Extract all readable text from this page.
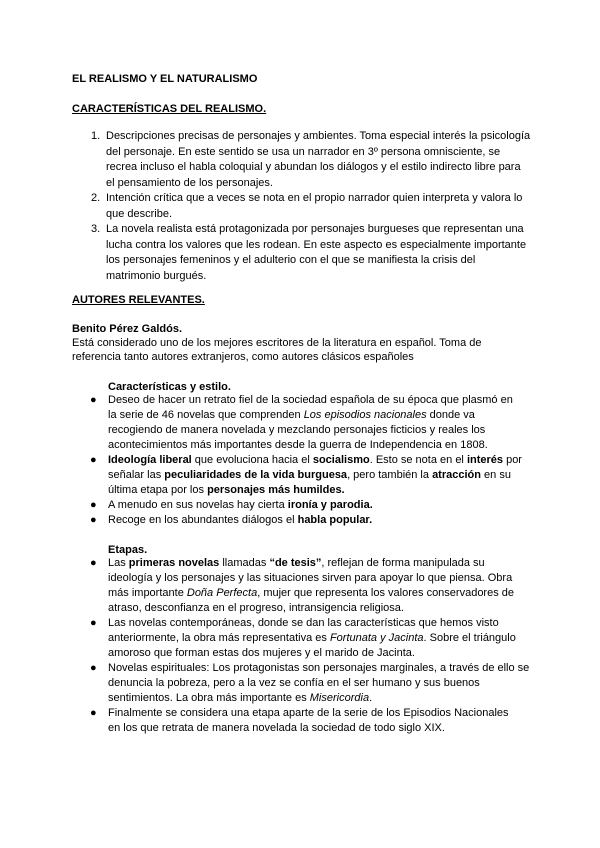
EL REALISMO Y EL NATURALISMO
CARACTERÍSTICAS DEL REALISMO.
1. Descripciones precisas de personajes y ambientes. Toma especial interés la psicología del personaje. En este sentido se usa un narrador en 3º persona omnisciente, se recrea incluso el habla coloquial y abundan los diálogos y el estilo indirecto libre para el pensamiento de los personajes.
2. Intención crítica que a veces se nota en el propio narrador quien interpreta y valora lo que describe.
3. La novela realista está protagonizada por personajes burgueses que representan una lucha contra los valores que les rodean. En este aspecto es especialmente importante los personajes femeninos y el adulterio con el que se manifiesta la crisis del matrimonio burgués.
AUTORES RELEVANTES.
Benito Pérez Galdós.
Está considerado uno de los mejores escritores de la literatura en español. Toma de referencia tanto autores extranjeros, como autores clásicos españoles
Características y estilo.
● Deseo de hacer un retrato fiel de la sociedad española de su época que plasmó en la serie de 46 novelas que comprenden Los episodios nacionales donde va recogiendo de manera novelada y mezclando personajes ficticios y reales los acontecimientos más importantes desde la guerra de Independencia en 1808.
● Ideología liberal que evoluciona hacia el socialismo. Esto se nota en el interés por señalar las peculiaridades de la vida burguesa, pero también la atracción en su última etapa por los personajes más humildes.
● A menudo en sus novelas hay cierta ironía y parodia.
● Recoge en los abundantes diálogos el habla popular.
Etapas.
● Las primeras novelas llamadas “de tesis”, reflejan de forma manipulada su ideología y los personajes y las situaciones sirven para apoyar lo que piensa. Obra más importante Doña Perfecta, mujer que representa los valores conservadores de atraso, desconfianza en el progreso, intransigencia religiosa.
● Las novelas contemporáneas, donde se dan las características que hemos visto anteriormente, la obra más representativa es Fortunata y Jacinta. Sobre el triángulo amoroso que forman estas dos mujeres y el marido de Jacinta.
● Novelas espirituales: Los protagonistas son personajes marginales, a través de ello se denuncia la pobreza, pero a la vez se confía en el ser humano y sus buenos sentimientos. La obra más importante es Misericordia.
● Finalmente se considera una etapa aparte de la serie de los Episodios Nacionales en los que retrata de manera novelada la sociedad de todo siglo XIX.
